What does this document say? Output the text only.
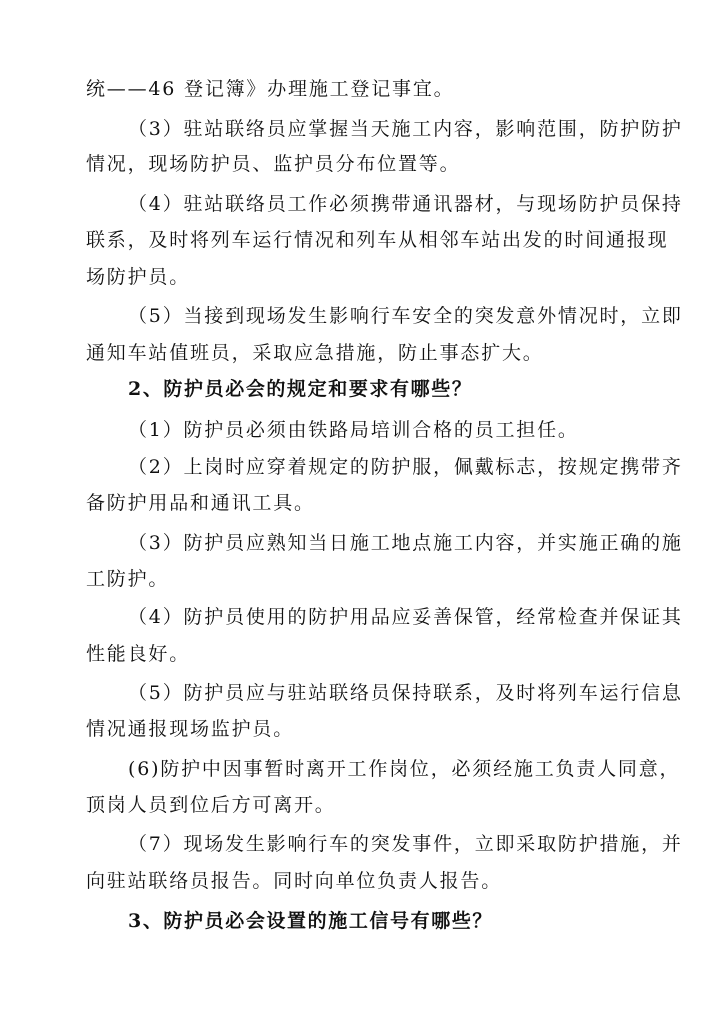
统——46 登记簿》办理施工登记事宜。
（3）驻站联络员应掌握当天施工内容，影响范围，防护防护
情况，现场防护员、监护员分布位置等。
（4）驻站联络员工作必须携带通讯器材，与现场防护员保持
联系，及时将列车运行情况和列车从相邻车站出发的时间通报现
场防护员。
（5）当接到现场发生影响行车安全的突发意外情况时，立即
通知车站值班员，采取应急措施，防止事态扩大。
2、防护员必会的规定和要求有哪些？
（1）防护员必须由铁路局培训合格的员工担任。
（2）上岗时应穿着规定的防护服，佩戴标志，按规定携带齐
备防护用品和通讯工具。
（3）防护员应熟知当日施工地点施工内容，并实施正确的施
工防护。
（4）防护员使用的防护用品应妥善保管，经常检查并保证其
性能良好。
（5）防护员应与驻站联络员保持联系，及时将列车运行信息
情况通报现场监护员。
(6)防护中因事暂时离开工作岗位，必须经施工负责人同意，
顶岗人员到位后方可离开。
（7）现场发生影响行车的突发事件，立即采取防护措施，并
向驻站联络员报告。同时向单位负责人报告。
3、防护员必会设置的施工信号有哪些？
